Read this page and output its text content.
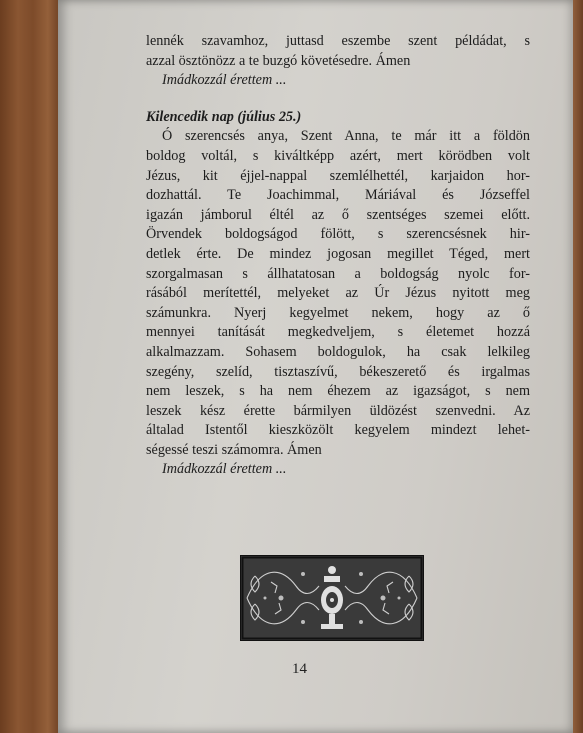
lennék szavamhoz, juttasd eszembe szent példádat, s
azzal ösztönözz a te buzgó követésedre. Ámen
Imádkozzál érettem ...
Kilencedik nap (július 25.)
Ó szerencsés anya, Szent Anna, te már itt a földön
boldog voltál, s kiváltképp azért, mert körödben volt
Jézus, kit éjjel-nappal szemlélhettél, karjaidon hor-
dozhattál. Te Joachimmal, Máriával és Józseffel
igazán jámborul éltél az ő szentséges szemei előtt.
Örvendek boldogságod fölött, s szerencsésnek hir-
detlek érte. De mindez jogosan megillet Téged, mert
szorgalmasan s állhatatosan a boldogság nyolc for-
rásából merítettél, melyeket az Úr Jézus nyitott meg
számunkra. Nyerj kegyelmet nekem, hogy az ő
mennyei tanítását megkedveljem, s életemet hozzá
alkalmazzam. Sohasem boldogulok, ha csak lelkileg
szegény, szelíd, tisztaszívű, békeszerető és irgalmas
nem leszek, s ha nem éhezem az igazságot, s nem
leszek kész érette bármilyen üldözést szenvedni. Az
általad Istentől kieszközölt kegyelem mindezt lehet-
ségessé teszi számomra. Ámen
Imádkozzál érettem ...
14
